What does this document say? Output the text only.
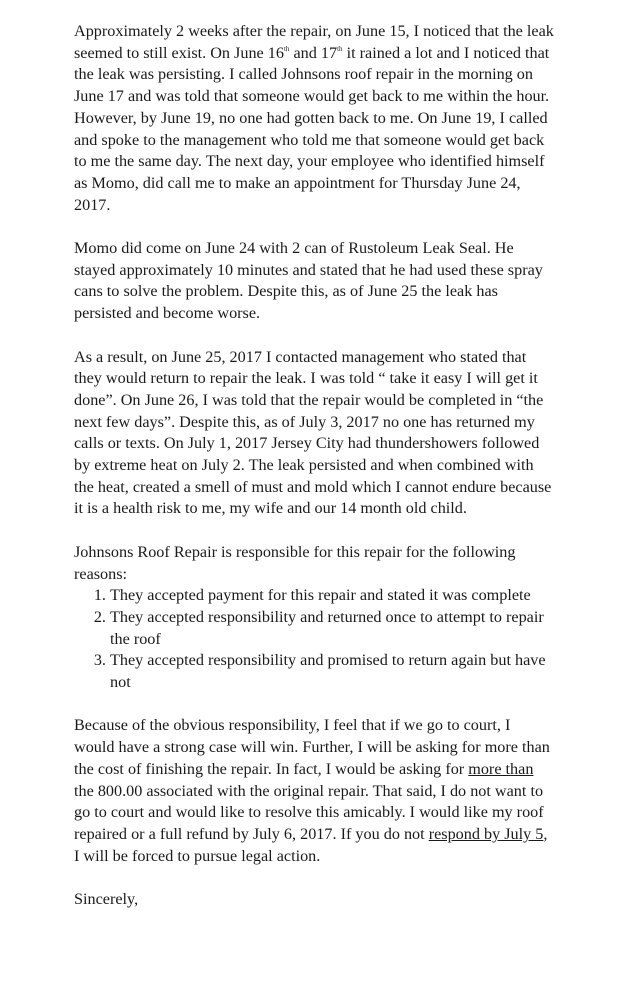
Approximately 2 weeks after the repair, on June 15, I noticed that the leak seemed to still exist. On June 16th and 17th it rained a lot and I noticed that the leak was persisting. I called Johnsons roof repair in the morning on June 17 and was told that someone would get back to me within the hour. However, by June 19, no one had gotten back to me. On June 19, I called and spoke to the management who told me that someone would get back to me the same day. The next day, your employee who identified himself as Momo, did call me to make an appointment for Thursday June 24, 2017.

Momo did come on June 24 with 2 can of Rustoleum Leak Seal. He stayed approximately 10 minutes and stated that he had used these spray cans to solve the problem. Despite this, as of June 25 the leak has persisted and become worse.

As a result, on June 25, 2017 I contacted management who stated that they would return to repair the leak. I was told “ take it easy I will get it done”. On June 26, I was told that the repair would be completed in “the next few days”. Despite this, as of July 3, 2017 no one has returned my calls or texts. On July 1, 2017 Jersey City had thundershowers followed by extreme heat on July 2. The leak persisted and when combined with the heat, created a smell of must and mold which I cannot endure because it is a health risk to me, my wife and our 14 month old child.

Johnsons Roof Repair is responsible for this repair for the following reasons:

1. They accepted payment for this repair and stated it was complete
2. They accepted responsibility and returned once to attempt to repair the roof
3. They accepted responsibility and promised to return again but have not

Because of the obvious responsibility, I feel that if we go to court, I would have a strong case will win. Further, I will be asking for more than the cost of finishing the repair. In fact, I would be asking for more than the 800.00 associated with the original repair. That said, I do not want to go to court and would like to resolve this amicably. I would like my roof repaired or a full refund by July 6, 2017. If you do not respond by July 5, I will be forced to pursue legal action.

Sincerely,
